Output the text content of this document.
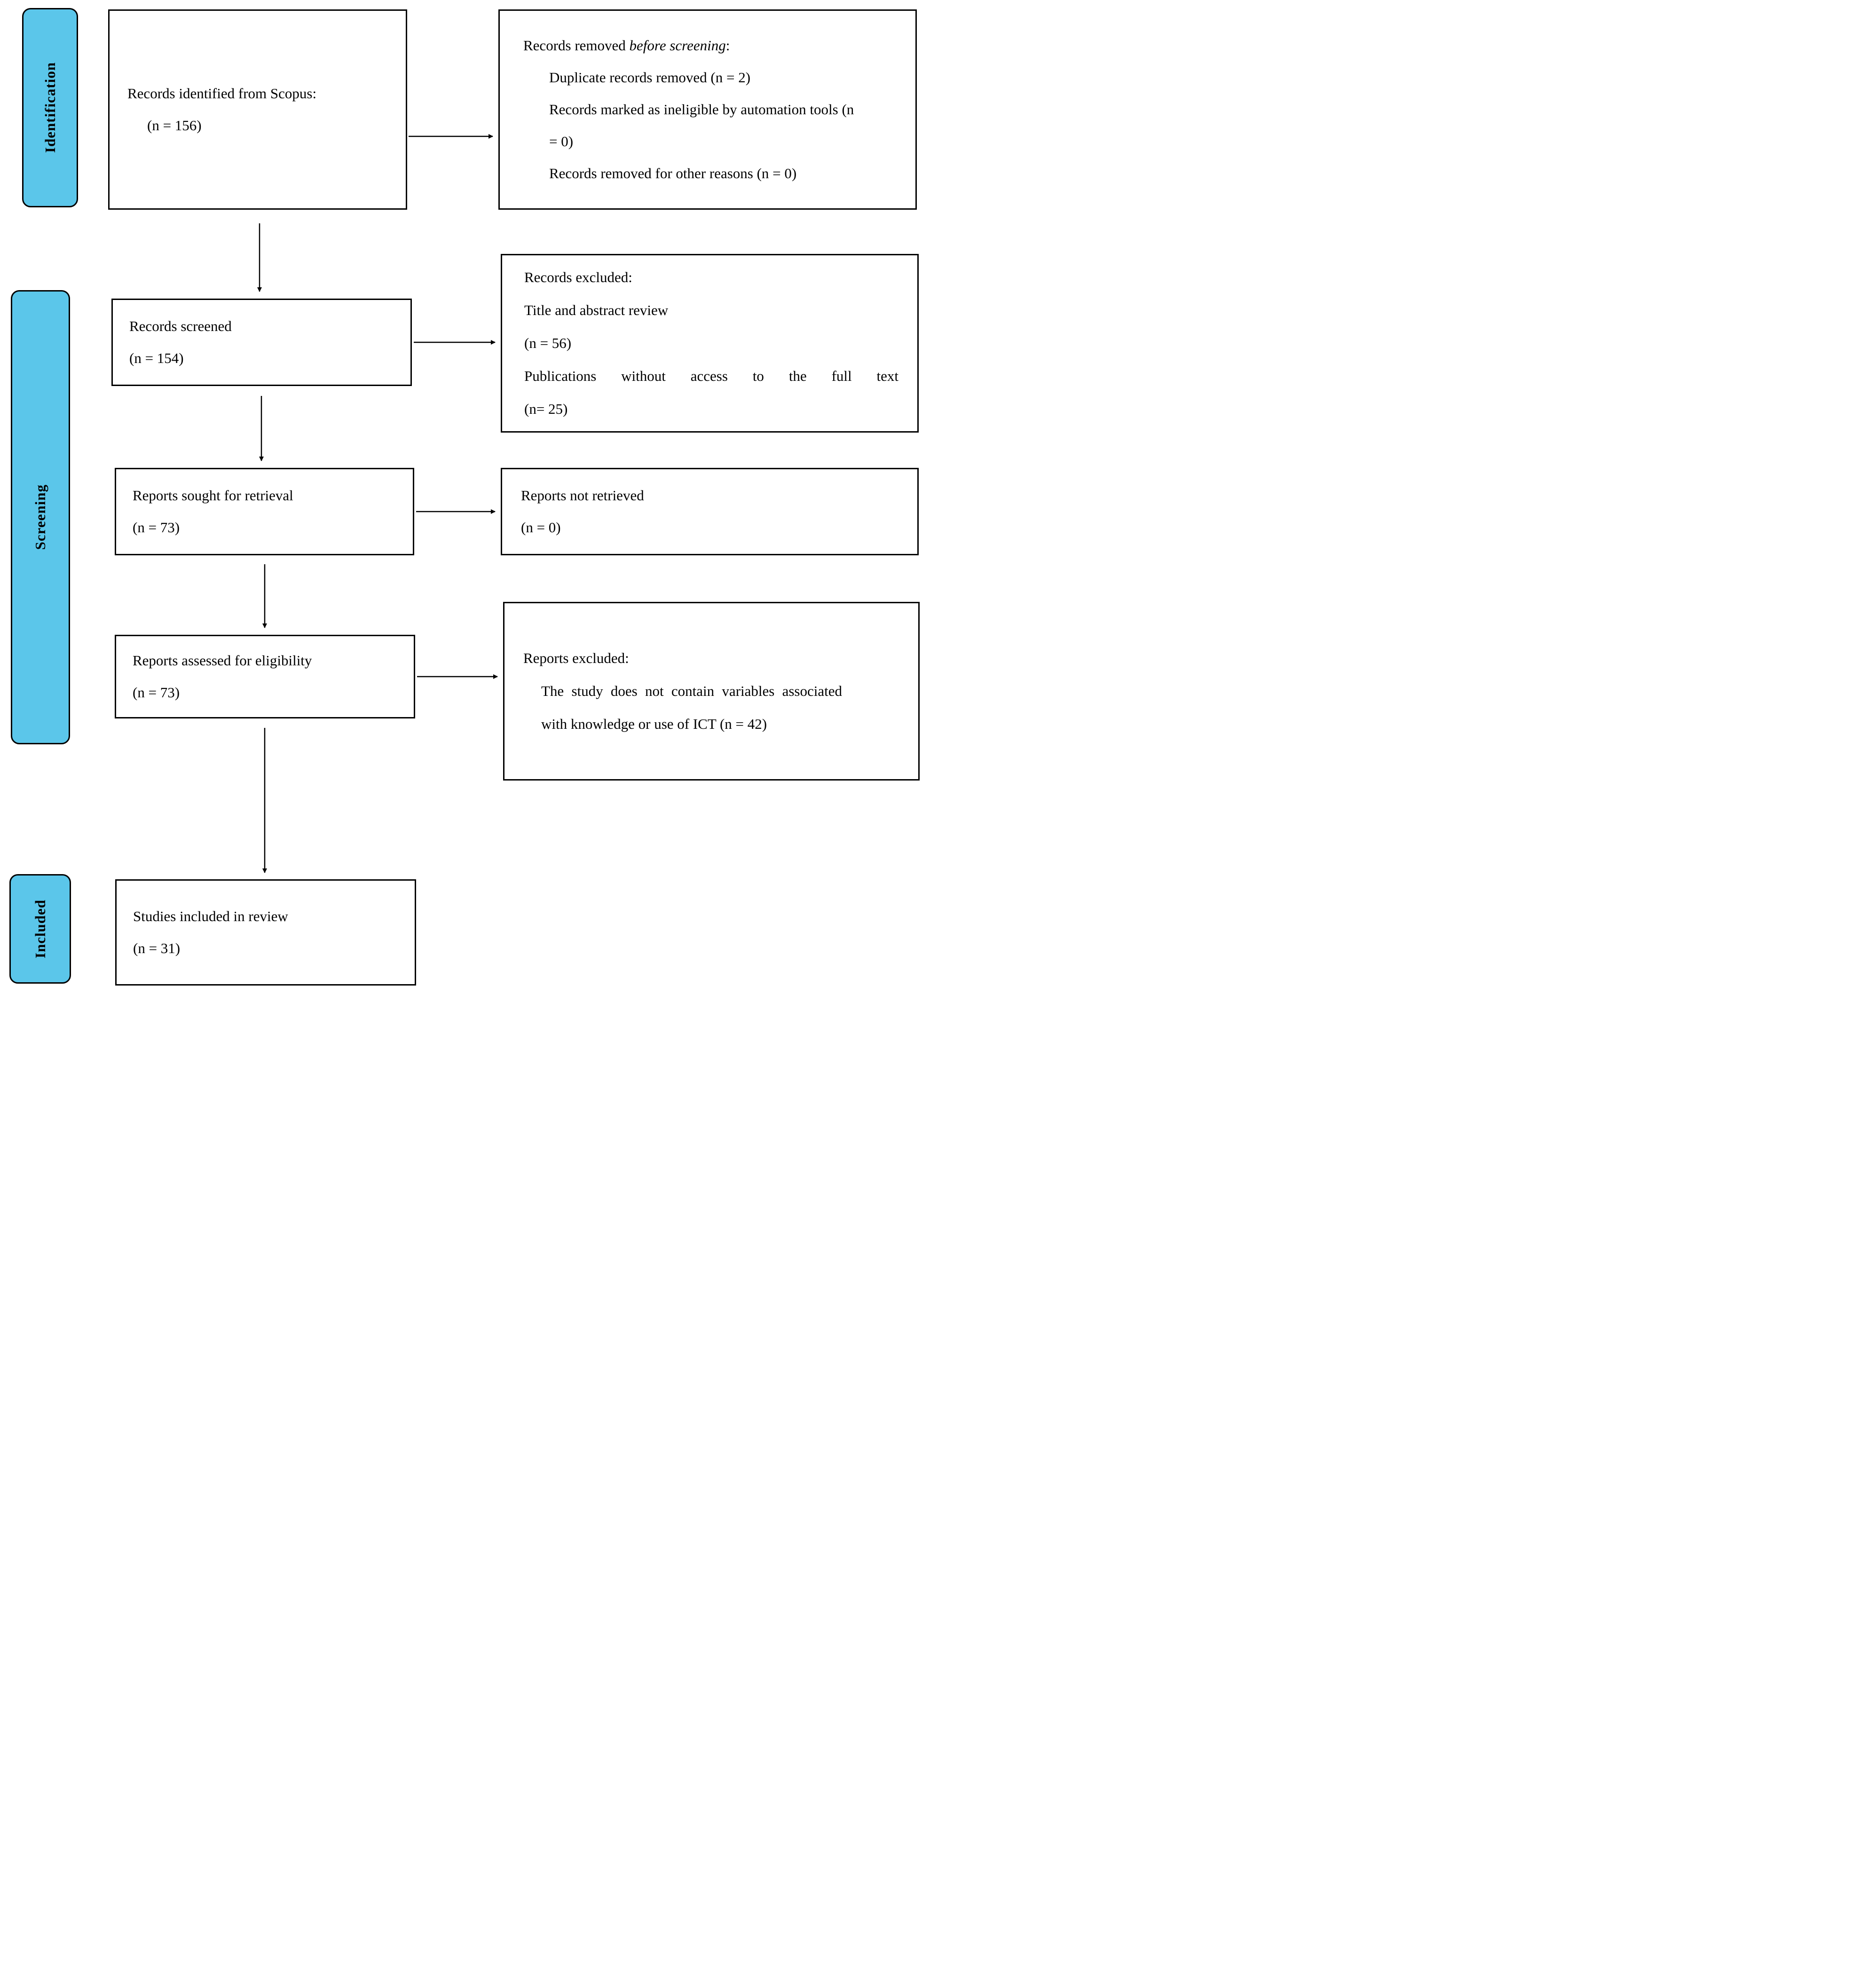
Identification
Screening
Included
Records identified from Scopus:
(n = 156)
Records removed before screening:
Duplicate records removed (n = 2)
Records marked as ineligible by automation tools (n = 0)
Records removed for other reasons (n = 0)
Records screened
(n = 154)
Records excluded:
Title and abstract review
(n = 56)
Publications without access to the full text
(n= 25)
Reports sought for retrieval
(n = 73)
Reports not retrieved
(n = 0)
Reports assessed for eligibility
(n = 73)
Reports excluded:
The study does not contain variables associated with knowledge or use of ICT (n = 42)
Studies included in review
(n = 31)
